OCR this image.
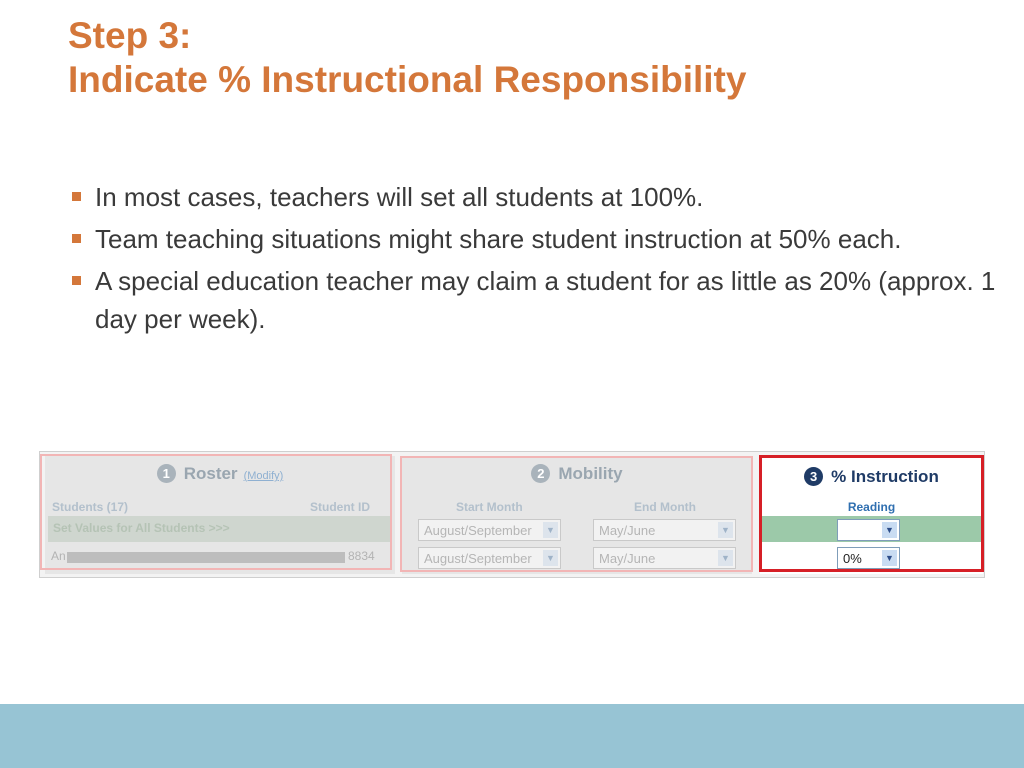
Step 3:
Indicate % Instructional Responsibility
In most cases, teachers will set all students at 100%.
Team teaching situations might share student instruction at 50% each.
A special education teacher may claim a student for as little as 20% (approx. 1 day per week).
1 Roster (Modify)
Students (17)	Student ID
Set Values for All Students >>>
An	8834
2 Mobility
Start Month	End Month
August/September	▼	May/June	▼
August/September	▼	May/June	▼
3 % Instruction
Reading
▼
0%	▼
